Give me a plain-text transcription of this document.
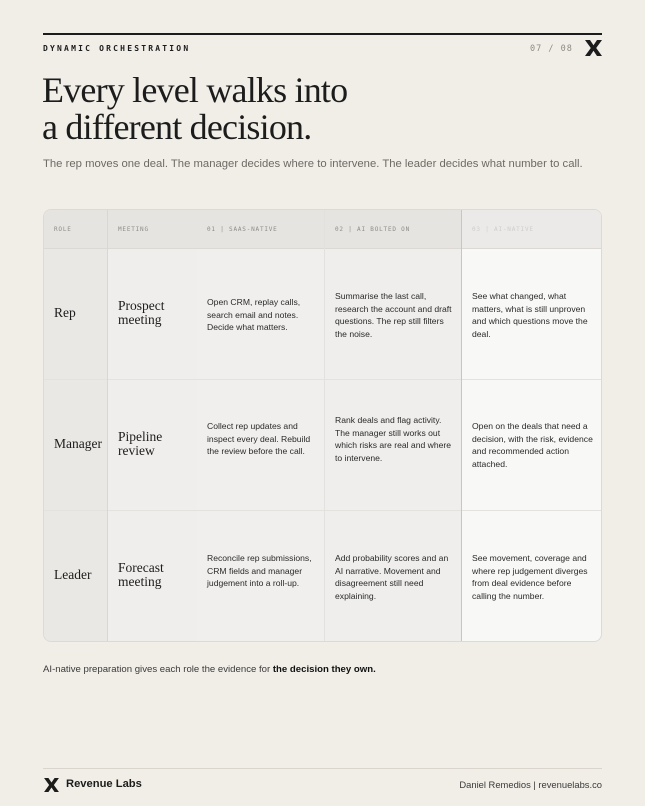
DYNAMIC ORCHESTRATION	07 / 08
Every level walks into
a different decision.

The rep moves one deal. The manager decides where to intervene. The leader decides what number to call.

ROLE
Rep
Manager
Leader
MEETING
Prospect meeting
Pipeline review
Forecast meeting
01 | SAAS-NATIVE
Open CRM, replay calls, search email and notes. Decide what matters.
Collect rep updates and inspect every deal. Rebuild the review before the call.
Reconcile rep submissions, CRM fields and manager judgement into a roll-up.
02 | AI BOLTED ON
Summarise the last call, research the account and draft questions. The rep still filters the noise.
Rank deals and flag activity. The manager still works out which risks are real and where to intervene.
Add probability scores and an AI narrative. Movement and disagreement still need explaining.
03 | AI-NATIVE
See what changed, what matters, what is still unproven and which questions move the deal.
Open on the deals that need a decision, with the risk, evidence and recommended action attached.
See movement, coverage and where rep judgement diverges from deal evidence before calling the number.

AI-native preparation gives each role the evidence for the decision they own.

Revenue Labs	Daniel Remedios | revenuelabs.co
